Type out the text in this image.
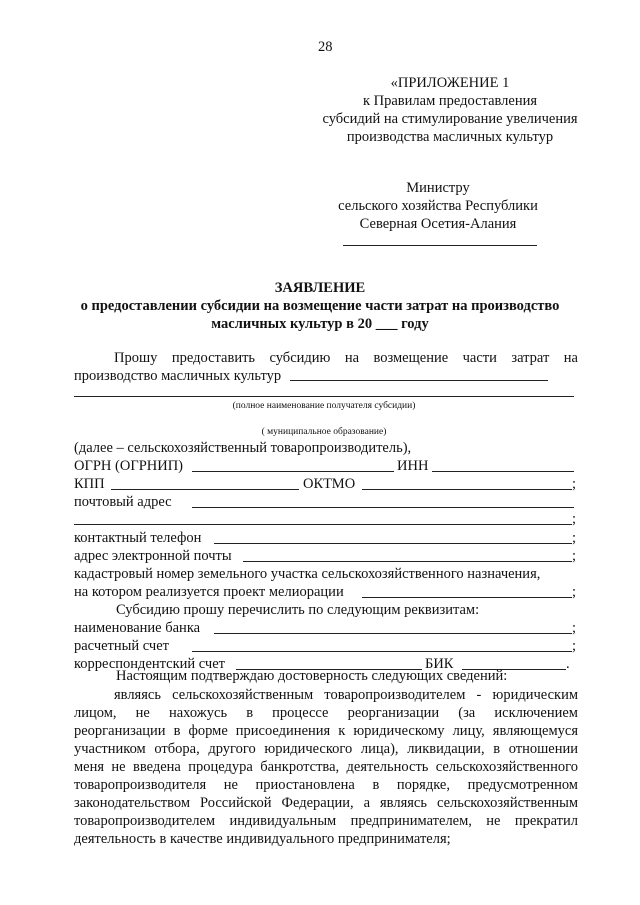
28
«ПРИЛОЖЕНИЕ 1
к Правилам предоставления
субсидий на стимулирование увеличения
производства масличных культур
Министру
сельского хозяйства Республики
Северная Осетия-Алания
ЗАЯВЛЕНИЕ
о предоставлении субсидии на возмещение части затрат на производство
масличных культур в 20 ___ году
Прошу предоставить субсидию на возмещение части затрат на
производство масличных культур
(полное наименование получателя субсидии)
( муниципальное образование)
(далее – сельскохозяйственный товаропроизводитель),
ОГРН (ОГРНИП)	ИНН
КПП	ОКТМО	;
почтовый адрес
;
контактный телефон	;
адрес электронной почты	;
кадастровый номер земельного участка сельскохозяйственного назначения,
на котором реализуется проект мелиорации	;
Субсидию прошу перечислить по следующим реквизитам:
наименование банка	;
расчетный счет	;
корреспондентский счет	БИК	.
Настоящим подтверждаю достоверность следующих сведений:
являясь сельскохозяйственным товаропроизводителем - юридическим
лицом, не нахожусь в процессе реорганизации (за исключением
реорганизации в форме присоединения к юридическому лицу, являющемуся
участником отбора, другого юридического лица), ликвидации, в отношении
меня не введена процедура банкротства, деятельность сельскохозяйственного
товаропроизводителя не приостановлена в порядке, предусмотренном
законодательством Российской Федерации, а являясь сельскохозяйственным
товаропроизводителем индивидуальным предпринимателем, не прекратил
деятельность в качестве индивидуального предпринимателя;
